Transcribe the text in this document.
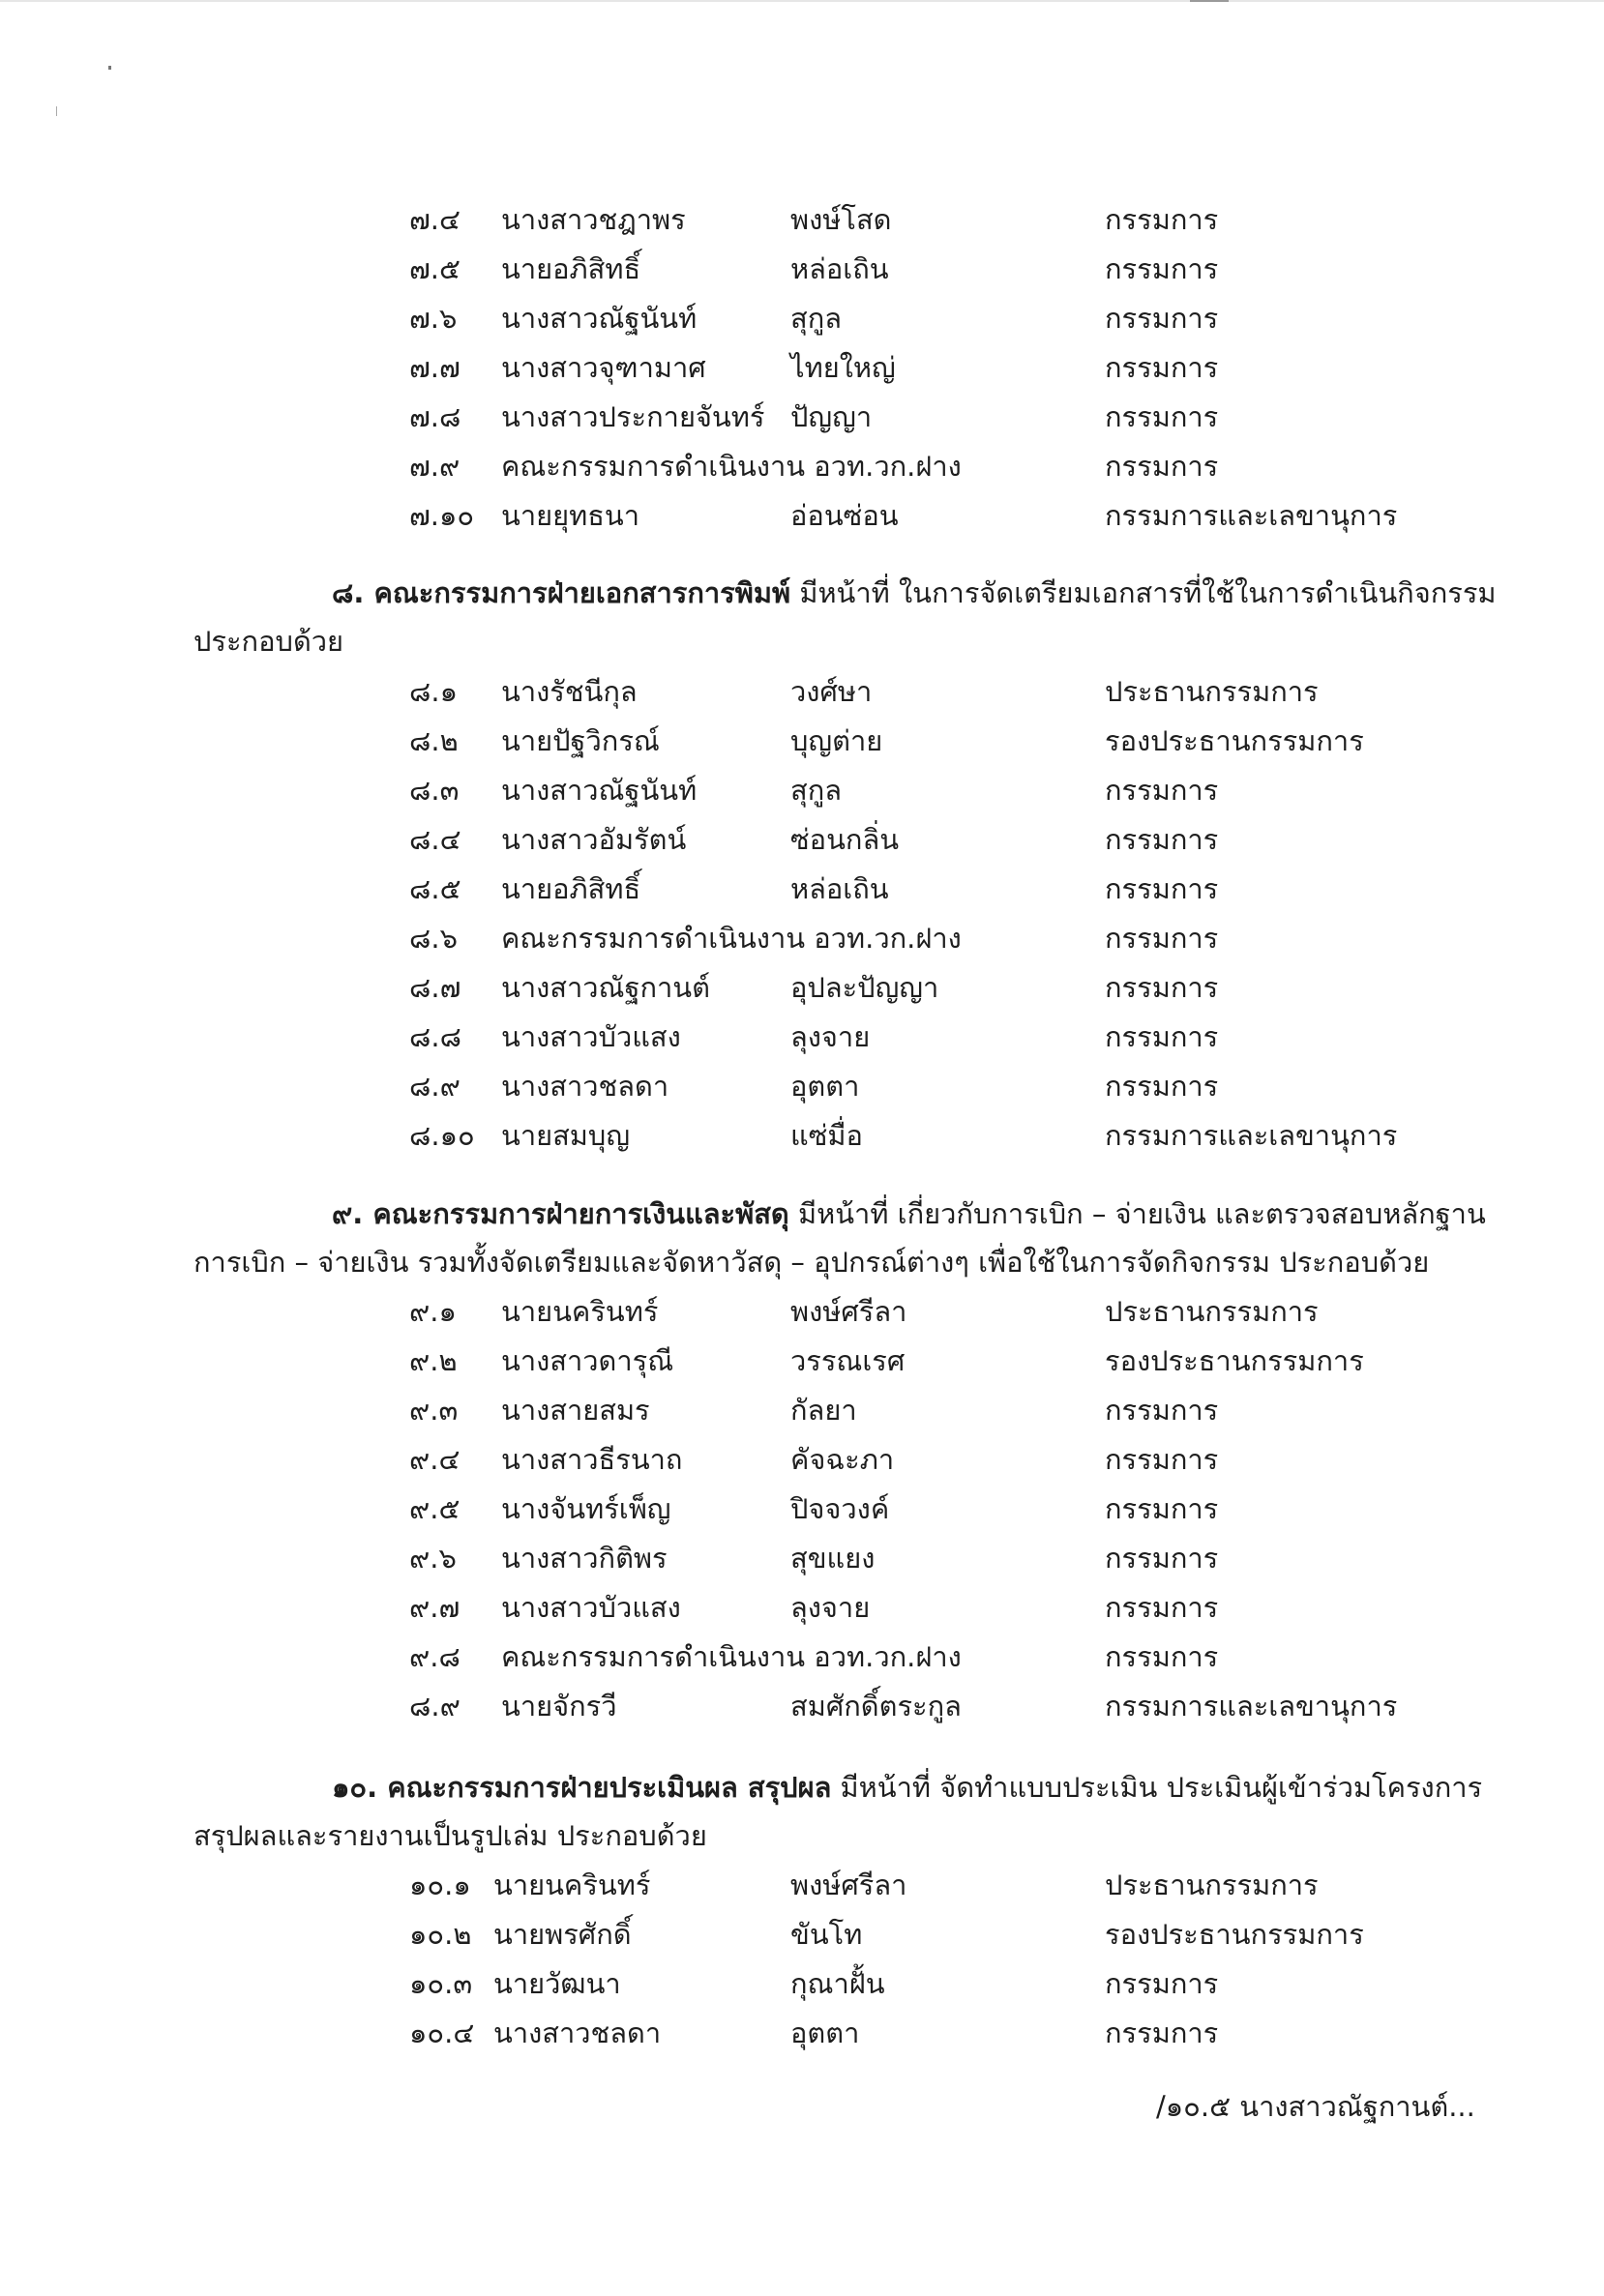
๗.๔ นางสาวชฎาพร	พงษ์โสด	กรรมการ
๗.๕ นายอภิสิทธิ์	หล่อเถิน	กรรมการ
๗.๖ นางสาวณัฐนันท์	สุกูล	กรรมการ
๗.๗ นางสาวจุฑามาศ	ไทยใหญ่	กรรมการ
๗.๘ นางสาวประกายจันทร์ ปัญญา	กรรมการ
๗.๙ คณะกรรมการดำเนินงาน อวท.วก.ฝาง	กรรมการ
๗.๑๐ นายยุทธนา	อ่อนซ่อน	กรรมการและเลขานุการ
๘. คณะกรรมการฝ่ายเอกสารการพิมพ์ มีหน้าที่ ในการจัดเตรียมเอกสารที่ใช้ในการดำเนินกิจกรรม
ประกอบด้วย
๘.๑ นางรัชนีกุล	วงศ์ษา	ประธานกรรมการ
๘.๒ นายปัฐวิกรณ์	บุญต่าย	รองประธานกรรมการ
๘.๓ นางสาวณัฐนันท์	สุกูล	กรรมการ
๘.๔ นางสาวอัมรัตน์	ซ่อนกลิ่น	กรรมการ
๘.๕ นายอภิสิทธิ์	หล่อเถิน	กรรมการ
๘.๖ คณะกรรมการดำเนินงาน อวท.วก.ฝาง	กรรมการ
๘.๗ นางสาวณัฐกานต์	อุปละปัญญา	กรรมการ
๘.๘ นางสาวบัวแสง	ลุงจาย	กรรมการ
๘.๙ นางสาวชลดา	อุตตา	กรรมการ
๘.๑๐ นายสมบุญ	แซ่มื่อ	กรรมการและเลขานุการ
๙. คณะกรรมการฝ่ายการเงินและพัสดุ มีหน้าที่ เกี่ยวกับการเบิก – จ่ายเงิน และตรวจสอบหลักฐาน
การเบิก – จ่ายเงิน รวมทั้งจัดเตรียมและจัดหาวัสดุ – อุปกรณ์ต่างๆ เพื่อใช้ในการจัดกิจกรรม ประกอบด้วย
๙.๑ นายนครินทร์	พงษ์ศรีลา	ประธานกรรมการ
๙.๒ นางสาวดารุณี	วรรณเรศ	รองประธานกรรมการ
๙.๓ นางสายสมร	กัลยา	กรรมการ
๙.๔ นางสาวธีรนาถ	คัจฉะภา	กรรมการ
๙.๕ นางจันทร์เพ็ญ	ปิจจวงค์	กรรมการ
๙.๖ นางสาวกิติพร	สุขแยง	กรรมการ
๙.๗ นางสาวบัวแสง	ลุงจาย	กรรมการ
๙.๘ คณะกรรมการดำเนินงาน อวท.วก.ฝาง	กรรมการ
๘.๙ นายจักรวี	สมศักดิ์ตระกูล	กรรมการและเลขานุการ
๑๐. คณะกรรมการฝ่ายประเมินผล สรุปผล มีหน้าที่ จัดทำแบบประเมิน ประเมินผู้เข้าร่วมโครงการ
สรุปผลและรายงานเป็นรูปเล่ม ประกอบด้วย
๑๐.๑ นายนครินทร์	พงษ์ศรีลา	ประธานกรรมการ
๑๐.๒ นายพรศักดิ์	ขันโท	รองประธานกรรมการ
๑๐.๓ นายวัฒนา	กุณาฝั้น	กรรมการ
๑๐.๔ นางสาวชลดา	อุตตา	กรรมการ
/๑๐.๕ นางสาวณัฐกานต์...
